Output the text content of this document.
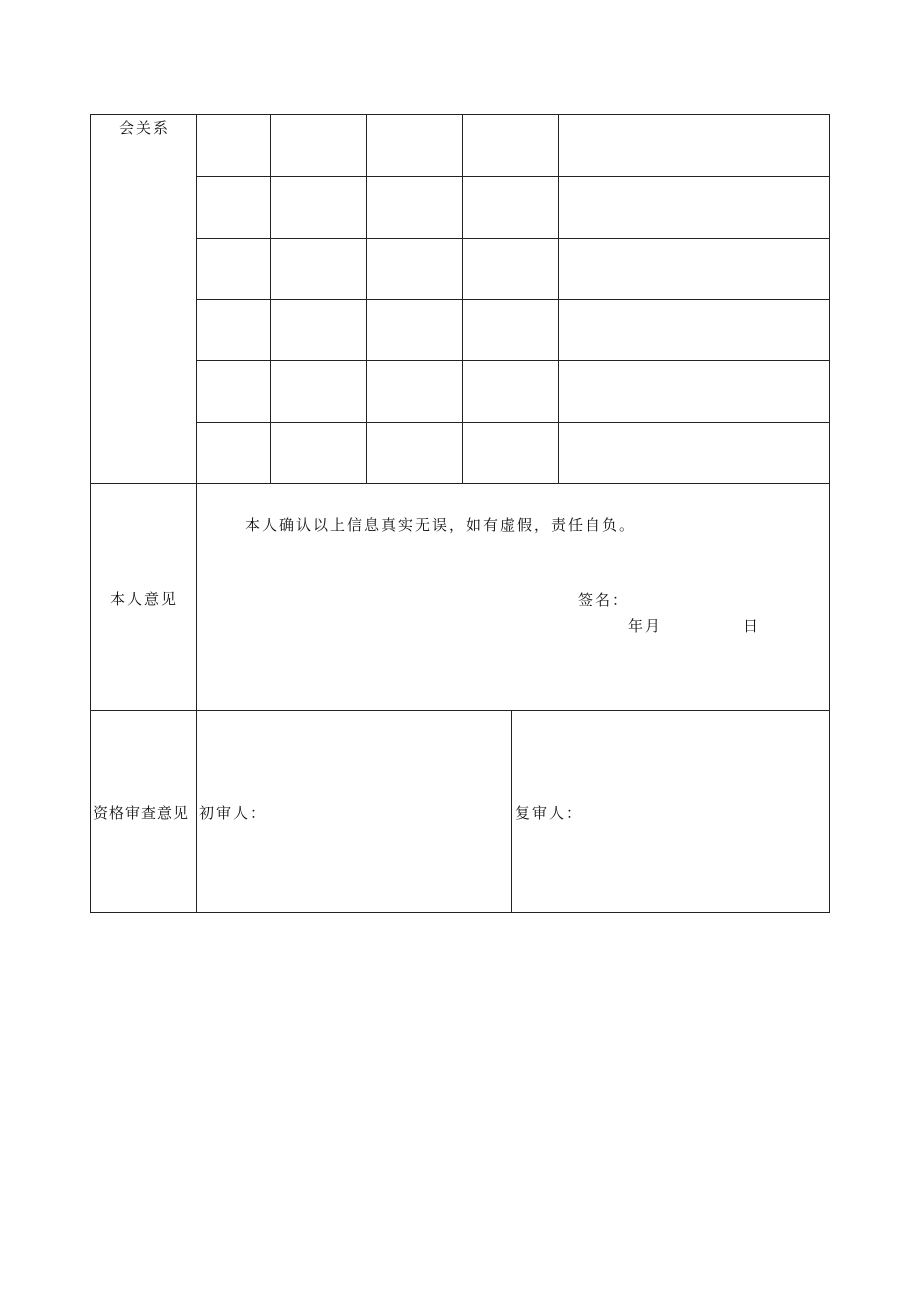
会关系
本人意见
本人确认以上信息真实无误，如有虚假，责任自负。
签名：
年月	日
资格审查意见 初审人：	复审人：
